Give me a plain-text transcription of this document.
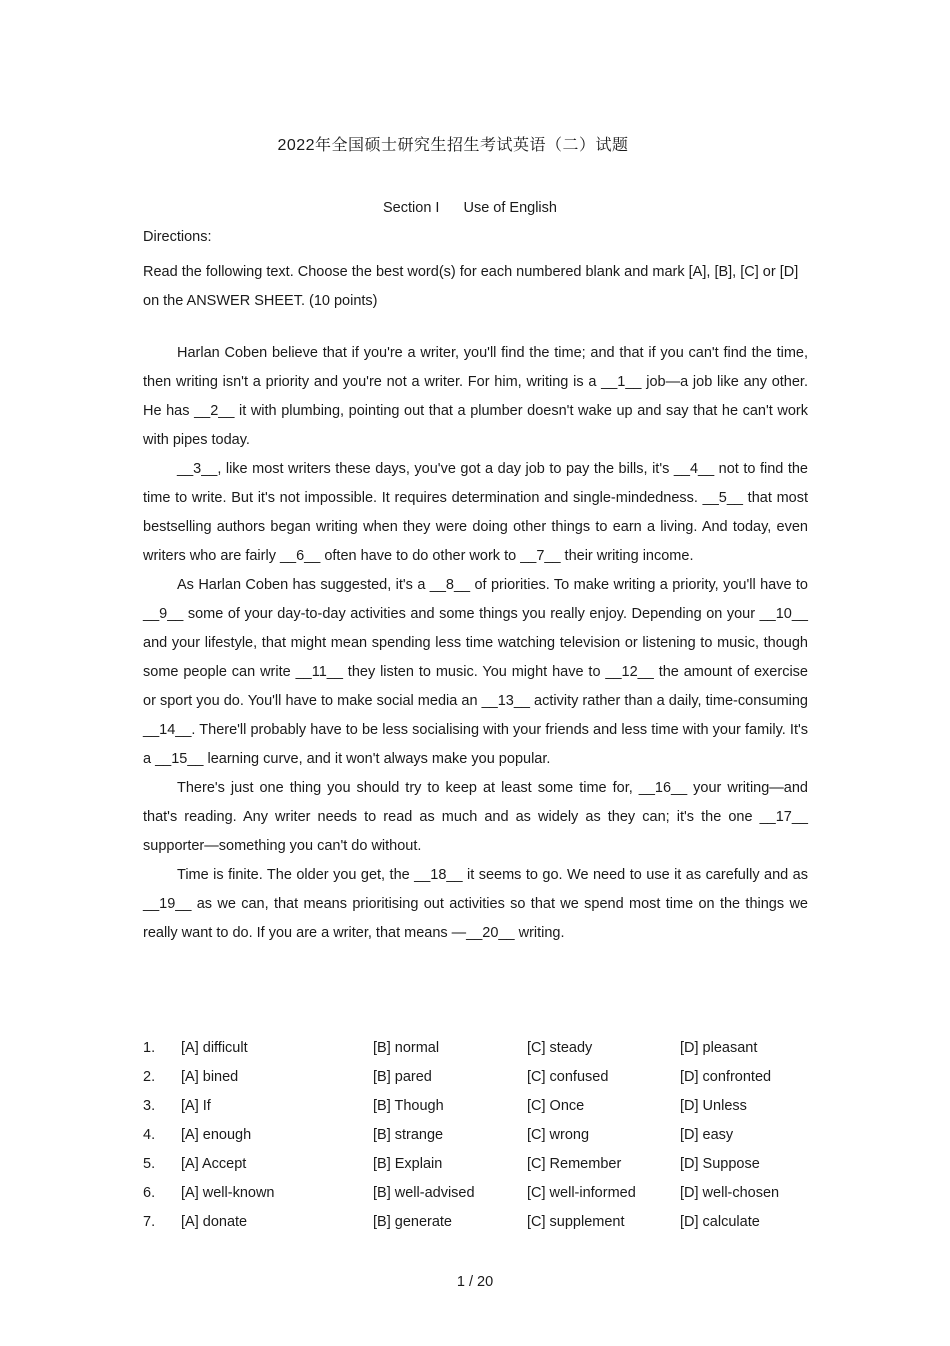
2022年全国硕士研究生招生考试英语（二）试题
Section I Use of English
Directions:
Read the following text. Choose the best word(s) for each numbered blank and mark [A], [B], [C] or [D] on the ANSWER SHEET. (10 points)

Harlan Coben believe that if you're a writer, you'll find the time; and that if you can't find the time, then writing isn't a priority and you're not a writer. For him, writing is a __1__ job—a job like any other. He has __2__ it with plumbing, pointing out that a plumber doesn't wake up and say that he can't work with pipes today.

__3__, like most writers these days, you've got a day job to pay the bills, it's __4__ not to find the time to write. But it's not impossible. It requires determination and single-mindedness. __5__ that most bestselling authors began writing when they were doing other things to earn a living. And today, even writers who are fairly __6__ often have to do other work to __7__ their writing income.

As Harlan Coben has suggested, it's a __8__ of priorities. To make writing a priority, you'll have to __9__ some of your day-to-day activities and some things you really enjoy. Depending on your __10__ and your lifestyle, that might mean spending less time watching television or listening to music, though some people can write __11__ they listen to music. You might have to __12__ the amount of exercise or sport you do. You'll have to make social media an __13__ activity rather than a daily, time-consuming __14__. There'll probably have to be less socialising with your friends and less time with your family. It's a __15__ learning curve, and it won't always make you popular.

There's just one thing you should try to keep at least some time for, __16__ your writing—and that's reading. Any writer needs to read as much and as widely as they can; it's the one __17__ supporter—something you can't do without.

Time is finite. The older you get, the __18__ it seems to go. We need to use it as carefully and as __19__ as we can, that means prioritising out activities so that we spend most time on the things we really want to do. If you are a writer, that means —__20__ writing.

1. [A] difficult	[B] normal	[C] steady	[D] pleasant
2. [A] bined	[B] pared	[C] confused	[D] confronted
3. [A] If	[B] Though	[C] Once	[D] Unless
4. [A] enough	[B] strange	[C] wrong	[D] easy
5. [A] Accept	[B] Explain	[C] Remember	[D] Suppose
6. [A] well-known	[B] well-advised	[C] well-informed	[D] well-chosen
7. [A] donate	[B] generate	[C] supplement	[D] calculate
1 / 20
